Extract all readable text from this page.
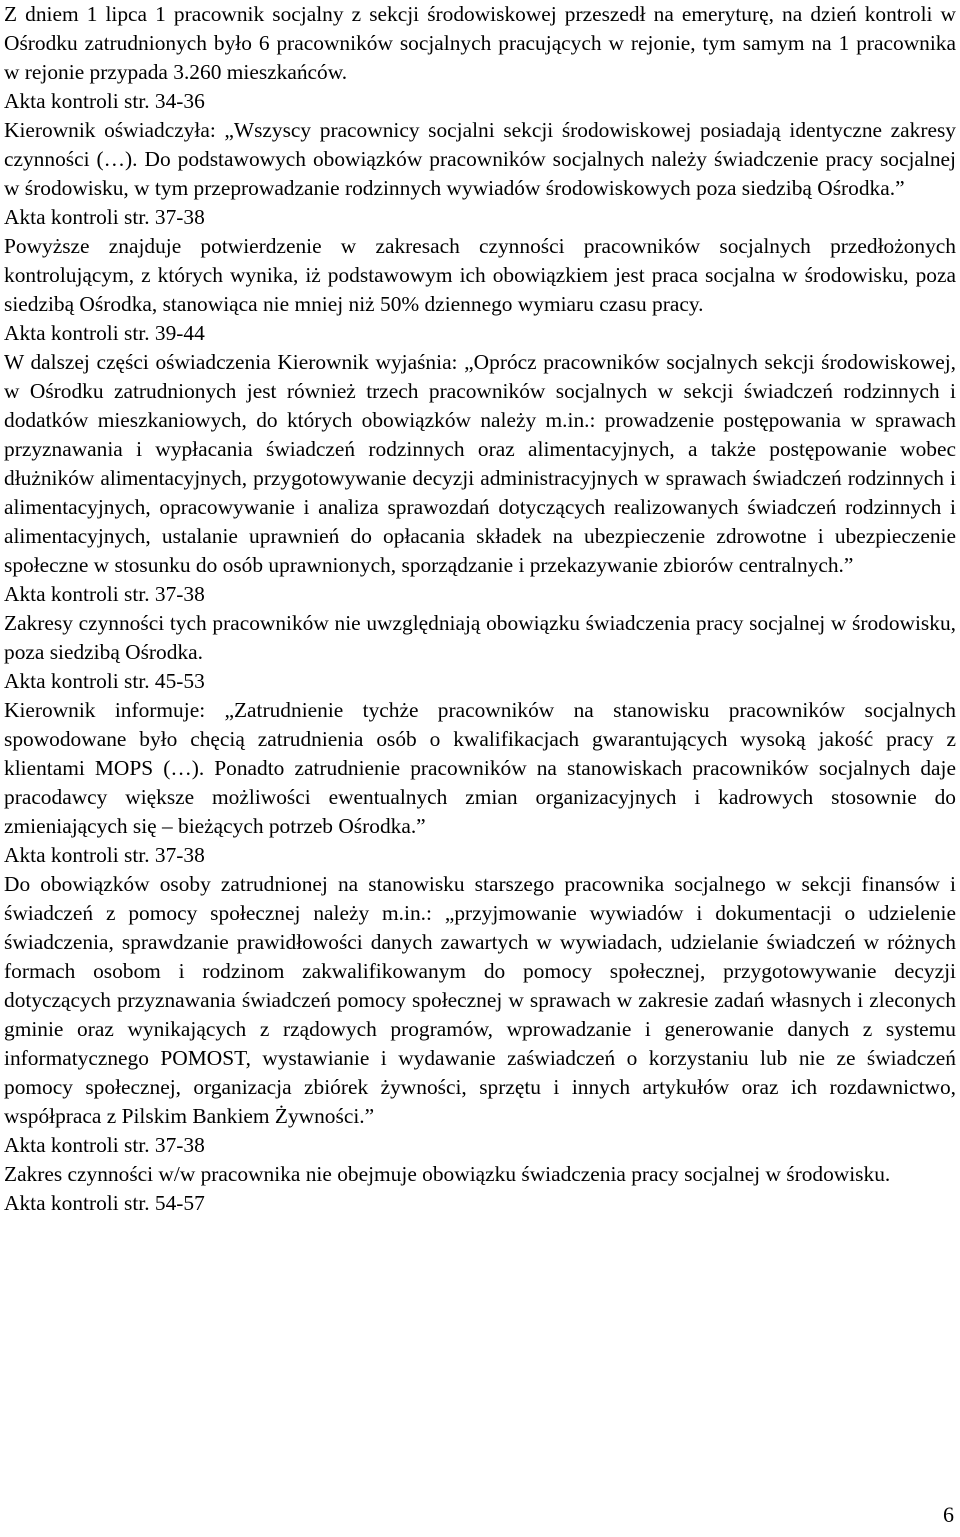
Z dniem 1 lipca 1 pracownik socjalny z sekcji środowiskowej przeszedł na emeryturę, na dzień kontroli w Ośrodku zatrudnionych było 6 pracowników socjalnych pracujących w rejonie, tym samym na 1 pracownika w rejonie przypada 3.260 mieszkańców.

Akta kontroli str. 34-36

Kierownik oświadczyła: „Wszyscy pracownicy socjalni sekcji środowiskowej posiadają identyczne zakresy czynności (…). Do podstawowych obowiązków pracowników socjalnych należy świadczenie pracy socjalnej w środowisku, w tym przeprowadzanie rodzinnych wywiadów środowiskowych poza siedzibą Ośrodka.”

Akta kontroli str. 37-38

Powyższe znajduje potwierdzenie w zakresach czynności pracowników socjalnych przedłożonych kontrolującym, z których wynika, iż podstawowym ich obowiązkiem jest praca socjalna w środowisku, poza siedzibą Ośrodka, stanowiąca nie mniej niż 50% dziennego wymiaru czasu pracy.

Akta kontroli str. 39-44

W dalszej części oświadczenia Kierownik wyjaśnia: „Oprócz pracowników socjalnych sekcji środowiskowej, w Ośrodku zatrudnionych jest również trzech pracowników socjalnych w sekcji świadczeń rodzinnych i dodatków mieszkaniowych, do których obowiązków należy m.in.: prowadzenie postępowania w sprawach przyznawania i wypłacania świadczeń rodzinnych oraz alimentacyjnych, a także postępowanie wobec dłużników alimentacyjnych, przygotowywanie decyzji administracyjnych w sprawach świadczeń rodzinnych i alimentacyjnych, opracowywanie i analiza sprawozdań dotyczących realizowanych świadczeń rodzinnych i alimentacyjnych, ustalanie uprawnień do opłacania składek na ubezpieczenie zdrowotne i ubezpieczenie społeczne w stosunku do osób uprawnionych, sporządzanie i przekazywanie zbiorów centralnych.”

Akta kontroli str. 37-38

Zakresy czynności tych pracowników nie uwzględniają obowiązku świadczenia pracy socjalnej w środowisku, poza siedzibą Ośrodka.

Akta kontroli str. 45-53

Kierownik informuje: „Zatrudnienie tychże pracowników na stanowisku pracowników socjalnych spowodowane było chęcią zatrudnienia osób o kwalifikacjach gwarantujących wysoką jakość pracy z klientami MOPS (…). Ponadto zatrudnienie pracowników na stanowiskach pracowników socjalnych daje pracodawcy większe możliwości ewentualnych zmian organizacyjnych i kadrowych stosownie do zmieniających się – bieżących potrzeb Ośrodka.”

Akta kontroli str. 37-38

Do obowiązków osoby zatrudnionej na stanowisku starszego pracownika socjalnego w sekcji finansów i świadczeń z pomocy społecznej należy m.in.: „przyjmowanie wywiadów i dokumentacji o udzielenie świadczenia, sprawdzanie prawidłowości danych zawartych w wywiadach, udzielanie świadczeń w różnych formach osobom i rodzinom zakwalifikowanym do pomocy społecznej, przygotowywanie decyzji dotyczących przyznawania świadczeń pomocy społecznej w sprawach w zakresie zadań własnych i zleconych gminie oraz wynikających z rządowych programów, wprowadzanie i generowanie danych z systemu informatycznego POMOST, wystawianie i wydawanie zaświadczeń o korzystaniu lub nie ze świadczeń pomocy społecznej, organizacja zbiórek żywności, sprzętu i innych artykułów oraz ich rozdawnictwo, współpraca z Pilskim Bankiem Żywności.”

Akta kontroli str. 37-38

Zakres czynności w/w pracownika nie obejmuje obowiązku świadczenia pracy socjalnej w środowisku.

Akta kontroli str. 54-57

6
